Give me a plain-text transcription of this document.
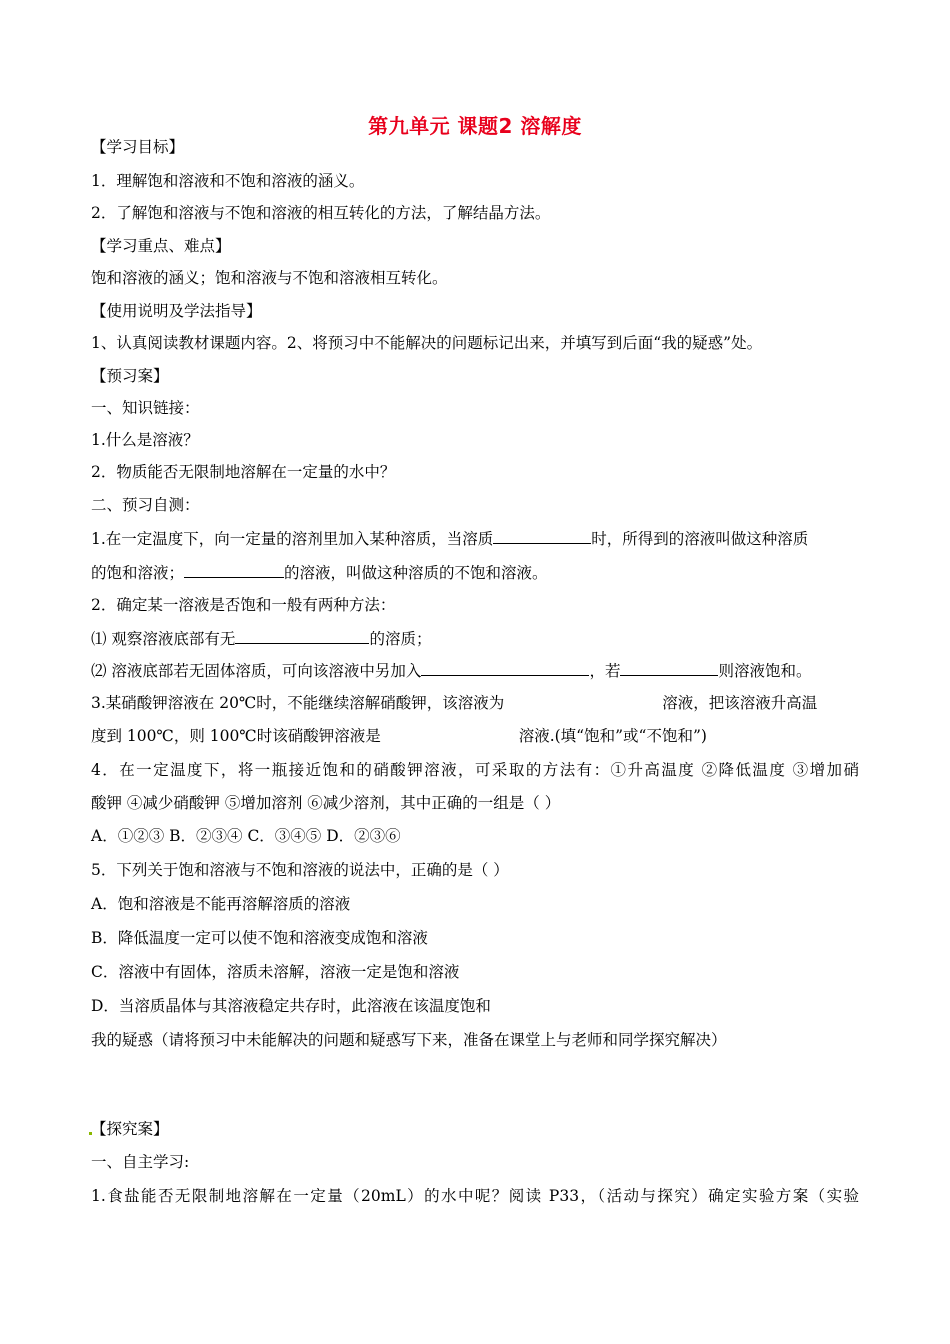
第九单元 课题2 溶解度
【学习目标】
1．理解饱和溶液和不饱和溶液的涵义。
2．了解饱和溶液与不饱和溶液的相互转化的方法，了解结晶方法。
【学习重点、难点】
饱和溶液的涵义；饱和溶液与不饱和溶液相互转化。
【使用说明及学法指导】
1、认真阅读教材课题内容。2、将预习中不能解决的问题标记出来，并填写到后面“我的疑惑”处。
【预习案】
一、知识链接：
1.什么是溶液？
2．物质能否无限制地溶解在一定量的水中？
二、预习自测：
1.在一定温度下，向一定量的溶剂里加入某种溶质，当溶质	时，所得到的溶液叫做这种溶质
的饱和溶液；	的溶液，叫做这种溶质的不饱和溶液。
2．确定某一溶液是否饱和一般有两种方法：
⑴ 观察溶液底部有无	的溶质；
⑵ 溶液底部若无固体溶质，可向该溶液中另加入	，若	则溶液饱和。
3.某硝酸钾溶液在 20℃时，不能继续溶解硝酸钾，该溶液为	溶液，把该溶液升高温
度到 100℃，则 100℃时该硝酸钾溶液是	溶液.(填“饱和”或“不饱和”)
4．在一定温度下，将一瓶接近饱和的硝酸钾溶液，可采取的方法有：①升高温度 ②降低温度 ③增加硝
酸钾 ④减少硝酸钾 ⑤增加溶剂 ⑥减少溶剂，其中正确的一组是（ ）
A．①②③ B．②③④ C．③④⑤ D．②③⑥
5．下列关于饱和溶液与不饱和溶液的说法中，正确的是（ ）
A．饱和溶液是不能再溶解溶质的溶液
B．降低温度一定可以使不饱和溶液变成饱和溶液
C．溶液中有固体，溶质未溶解，溶液一定是饱和溶液
D．当溶质晶体与其溶液稳定共存时，此溶液在该温度饱和
我的疑惑（请将预习中未能解决的问题和疑惑写下来，准备在课堂上与老师和同学探究解决）
【探究案】
一、自主学习:
1.食盐能否无限制地溶解在一定量（20mL）的水中呢？阅读 P33，（活动与探究）确定实验方案（实验
